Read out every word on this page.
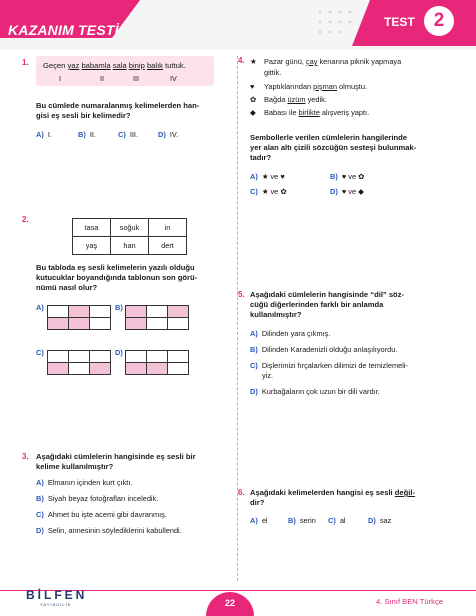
KAZANIM TESTİ	TEST	2
1. Geçen yaz babamla sala binip balık tuttuk.
I	II	III	IV
Bu cümlede numaralanmış kelimelerden han-
gisi eş sesli bir kelimedir?
A) I.	B) II.	C) III.	D) IV.
2.
tasa	soğuk	in
yaş	han	dert
Bu tabloda eş sesli kelimelerin yazılı olduğu
kutucuklar boyandığında tablonun son görü-
nümü nasıl olur?
A)

			B)

C)

			D)

3. Aşağıdaki cümlelerin hangisinde eş sesli bir
kelime kullanılmıştır?
A) Elmanın içinden kurt çıktı.
B) Siyah beyaz fotoğrafları inceledik.
C) Ahmet bu işte acemi gibi davranmış.
D) Selin, annesinin söylediklerini kabullendi.
4. ★ Pazar günü, çay kenarına piknik yapmaya
gittik.
♥ Yaptıklarından pişman olmuştu.
✿ Bağda üzüm yedik.
◆ Babası ile birlikte alışveriş yaptı.
Sembollerle verilen cümlelerin hangilerinde
yer alan altı çizili sözcüğün sesteşi bulunmak-
tadır?
A) ★ ve ♥	B) ♥ ve ✿
C) ★ ve ✿	D) ♥ ve ◆
5. Aşağıdaki cümlelerin hangisinde “dil” söz-
cüğü diğerlerinden farklı bir anlamda
kullanılmıştır?
A) Dilinden yara çıkmış.
B) Dilinden Karadenizli olduğu anlaşılıyordu.
C) Dişlerimizi fırçalarken dilimizi de temizlemeli-
yiz.
D) Kurbağaların çok uzun bir dili vardır.
6. Aşağıdaki kelimelerden hangisi eş sesli değil-
dir?
A) el	B) serin C) al	D) saz
BİLFEN
YAYINCILIK	22	4. Sınıf BEN Türkçe
